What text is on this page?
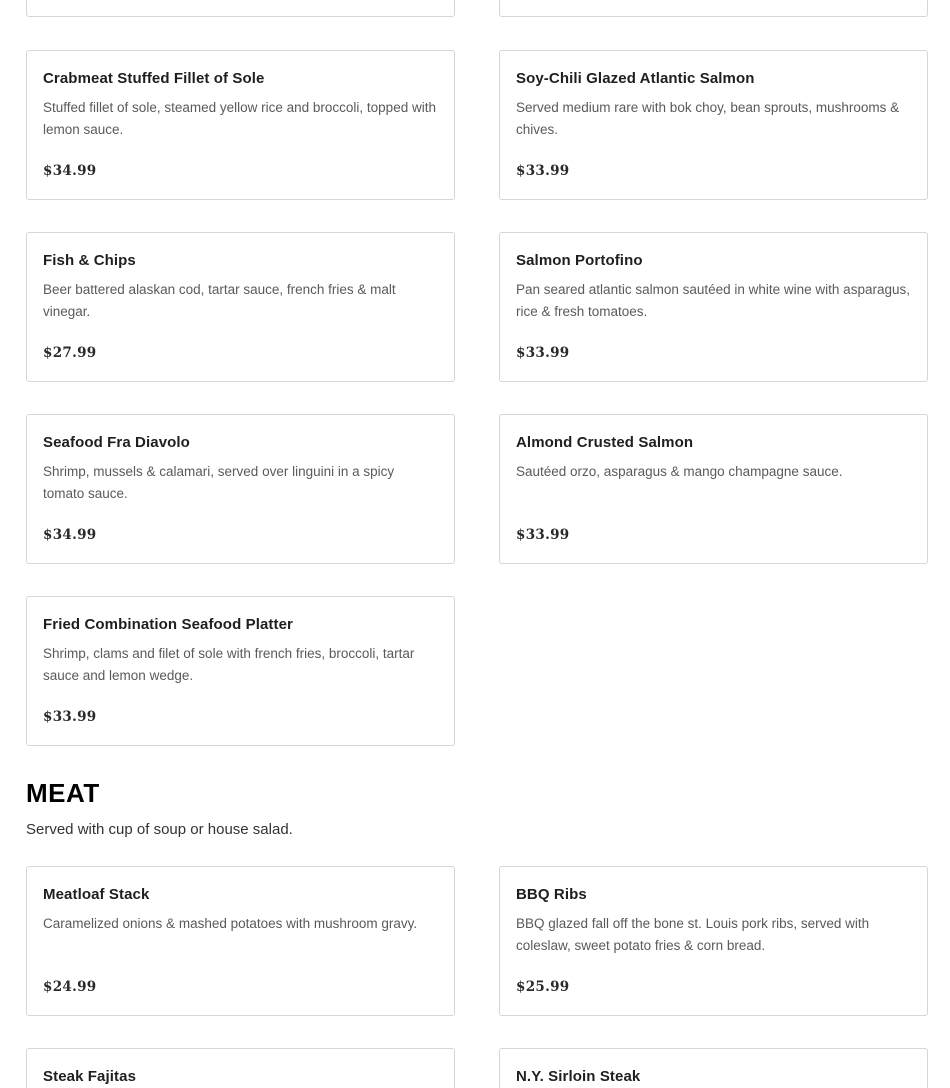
Crabmeat Stuffed Fillet of Sole
Stuffed fillet of sole, steamed yellow rice and broccoli, topped with lemon sauce.
$34.99
Soy-Chili Glazed Atlantic Salmon
Served medium rare with bok choy, bean sprouts, mushrooms & chives.
$33.99
Fish & Chips
Beer battered alaskan cod, tartar sauce, french fries & malt vinegar.
$27.99
Salmon Portofino
Pan seared atlantic salmon sautéed in white wine with asparagus, rice & fresh tomatoes.
$33.99
Seafood Fra Diavolo
Shrimp, mussels & calamari, served over linguini in a spicy tomato sauce.
$34.99
Almond Crusted Salmon
Sautéed orzo, asparagus & mango champagne sauce.
$33.99
Fried Combination Seafood Platter
Shrimp, clams and filet of sole with french fries, broccoli, tartar sauce and lemon wedge.
$33.99
MEAT
Served with cup of soup or house salad.
Meatloaf Stack
Caramelized onions & mashed potatoes with mushroom gravy.
$24.99
BBQ Ribs
BBQ glazed fall off the bone st. Louis pork ribs, served with coleslaw, sweet potato fries & corn bread.
$25.99
Steak Fajitas	N.Y. Sirloin Steak
